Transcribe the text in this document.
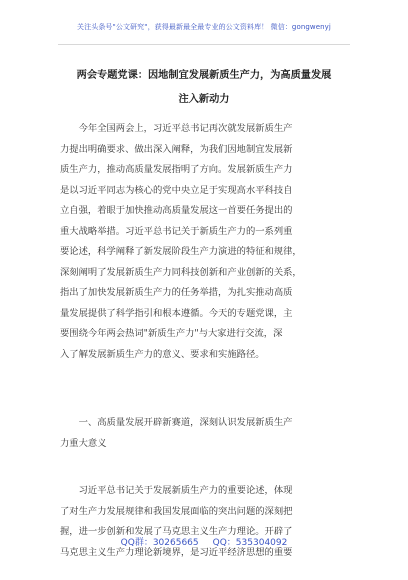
关注头条号"公文研究"，获得最新最全最专业的公文资料库！ 微信：gongwenyj
两会专题党课：因地制宜发展新质生产力，为高质量发展
注入新动力
　　今年全国两会上，习近平总书记再次就发展新质生产
力提出明确要求、做出深入阐释，为我们因地制宜发展新
质生产力，推动高质量发展指明了方向。发展新质生产力
是以习近平同志为核心的党中央立足于实现高水平科技自
立自强，着眼于加快推动高质量发展这一首要任务提出的
重大战略举措。习近平总书记关于新质生产力的一系列重
要论述，科学阐释了新发展阶段生产力演进的特征和规律，
深刻阐明了发展新质生产力同科技创新和产业创新的关系，
指出了加快发展新质生产力的任务举措，为扎实推动高质
量发展提供了科学指引和根本遵循。今天的专题党课，主
要围绕今年两会热词"新质生产力"与大家进行交流，深
入了解发展新质生产力的意义、要求和实施路径。
　　一、高质量发展开辟新赛道，深刻认识发展新质生产
力重大意义
　　习近平总书记关于发展新质生产力的重要论述，体现
了对生产力发展规律和我国发展面临的突出问题的深刻把
握，进一步创新和发展了马克思主义生产力理论。开辟了
马克思主义生产力理论新境界，是习近平经济思想的重要
QQ群：30265665 QQ：535304092
